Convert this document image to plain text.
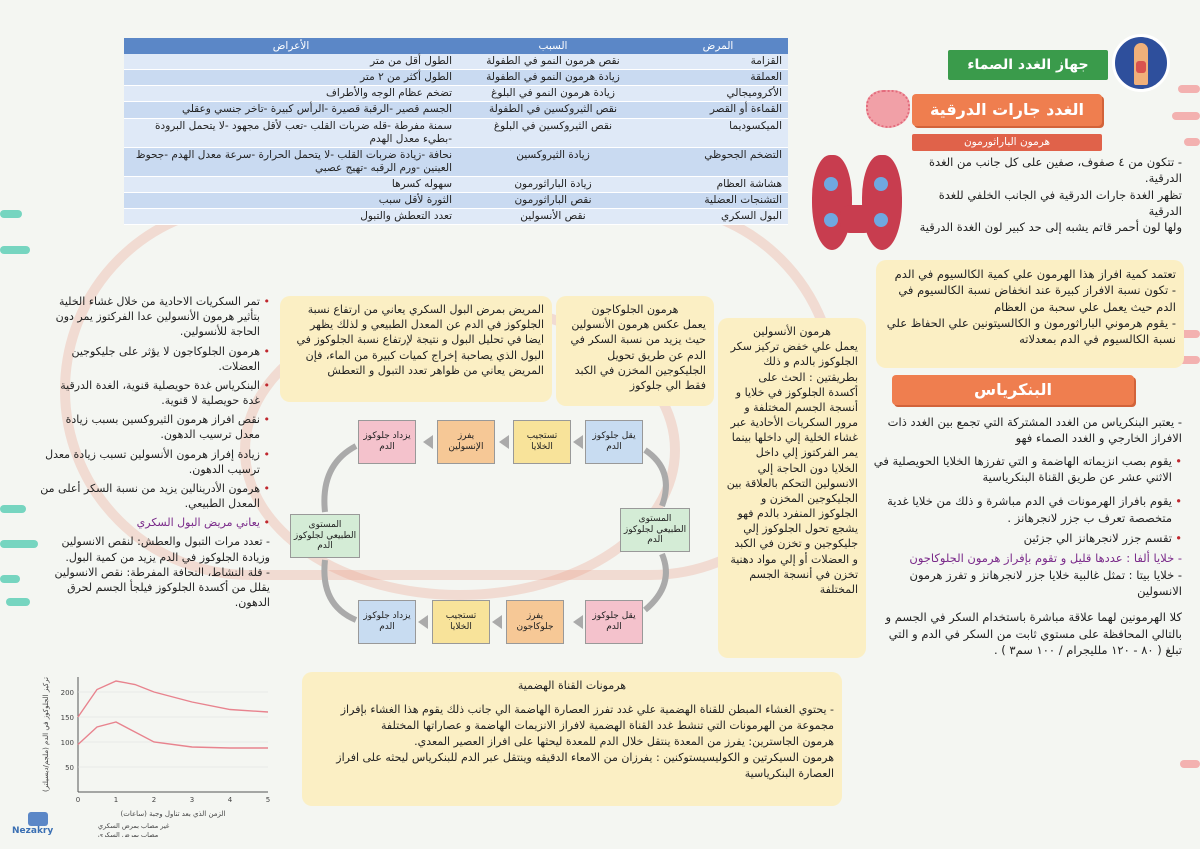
المرض	السبب	الأعراض
القزامة	نقص هرمون النمو في الطفولة	الطول أقل من متر
العملقة	زيادة هرمون النمو في الطفولة	الطول أكثر من ٢ متر
الأكروميجالي	زيادة هرمون النمو في البلوغ	تضخم عظام الوجه والأطراف
القماءة أو القصر	نقص الثيروكسين في الطفولة	الجسم قصير -الرقبة قصيرة -الرأس كبيرة -تاخر جنسي وعقلي
الميكسوديما	نقص الثيروكسين في البلوغ	سمنة مفرطة -قله ضربات القلب -تعب لأقل مجهود -لا يتحمل البرودة -بطيء معدل الهدم
التضخم الجحوظي	زيادة الثيروكسين	نحافة -زيادة ضربات القلب -لا يتحمل الحرارة -سرعة معدل الهدم -جحوظ العينين -ورم الرقبه -تهيج عصبي
هشاشة العظام	زيادة الباراثورمون	سهوله كسرها
التشنجات العضلية	نقص الباراثورمون	الثورة لأقل سبب
البول السكري	نقص الأنسولين	تعدد التعطش والتبول
جهاز الغدد الصماء
الغدد جارات الدرقية
هرمون الباراثورمون

- تتكون من ٤ صفوف، صفين على كل جانب من الغدة الدرقية.

تظهر الغدة جارات الدرقية في الجانب الخلفي للغدة الدرقية

ولها لون أحمر قاتم يشبه إلى حد كبير لون الغدة الدرقية

تعتمد كمية افراز هذا الهرمون علي كمية الكالسيوم في الدم

- تكون نسبة الافراز كبيرة عند انخفاض نسبة الكالسيوم في الدم حيث يعمل علي سحبة من العظام

- يقوم هرموني الباراثورمون و الكالسيتونين علي الحفاظ علي نسبة الكالسيوم في الدم بمعدلاته

البنكرياس

- يعتبر البنكرياس من الغدد المشتركة التي تجمع بين الغدد ذات الافراز الخارجي و الغدد الصماء فهو

• يقوم بصب انزيماته الهاضمة و التي تفرزها الخلايا الحويصلية في الاثني عشر عن طريق القناة البنكرياسية

• يقوم بافراز الهرمونات في الدم مباشرة و ذلك من خلايا غدية متخصصة تعرف ب جزر لانجرهانز .

• تقسم جزر لانجرهانز الي جزئين

- خلايا ألفا : عددها قليل و تقوم بإفراز هرمون الجلوكاجون

- خلايا بيتا : تمثل غالبية خلايا جزر لانجرهانز و تفرز هرمون الانسولين

كلا الهرمونين لهما علاقة مباشرة باستخدام السكر في الجسم و بالتالي المحافظة على مستوي ثابت من السكر في الدم و التي تبلغ ( ٨٠ - ١٢٠ ملليجرام / ١٠٠ سم٣ ) .

هرمون الأنسولين

يعمل علي خفض تركيز سكر الجلوكوز بالدم و ذلك بطريقتين : الحث على أكسدة الجلوكوز في خلايا و أنسجة الجسم المختلفة و مرور السكريات الأحادية عبر غشاء الخلية إلي داخلها بينما يمر الفركتوز إلي داخل الخلايا دون الحاجة إلي الانسولين التحكم بالعلاقة بين الجليكوجين المخزن و الجلوكوز المنفرد بالدم فهو يشجع تحول الجلوكوز إلي جليكوجين و تخزن في الكبد و العضلات أو إلي مواد دهنية تخزن في أنسجة الجسم المختلفة

هرمون الجلوكاجون

يعمل عكس هرمون الأنسولين حيث يزيد من نسبة السكر في الدم عن طريق تحويل الجليكوجين المخزن في الكبد فقط الي جلوكوز

المريض بمرض البول السكري يعاني من ارتفاع نسبة الجلوكوز في الدم عن المعدل الطبيعي و لذلك يظهر ايضا في تحليل البول و نتيجة لإرتفاع نسبة الجلوكوز في البول الذي يصاحبة إخراج كميات كبيرة من الماء، فإن المريض يعاني من ظواهر تعدد التبول و التعطش

• تمر السكريات الاحادية من خلال غشاء الخلية بتأثير هرمون الأنسولين عدا الفركتوز يمر دون الحاجة للأنسولين.

• هرمون الجلوكاجون لا يؤثر على جليكوجين العضلات.

• البنكرياس غدة حويصلية قنوية، الغدة الدرقية غدة حويصلية لا قنوية.

• نقص افراز هرمون الثيروكسين بسبب زيادة معدل ترسيب الدهون.

• زيادة إفراز هرمون الأنسولين تسبب زيادة معدل ترسيب الدهون.

• هرمون الأدرينالين يزيد من نسبة السكر أعلى من المعدل الطبيعي.

• يعاني مريض البول السكري

- تعدد مرات التبول والعطش: لنقص الانسولين وزيادة الجلوكوز في الدم يزيد من كمية البول.

- قلة النشاط، النحافة المفرطة: نقص الانسولين يقلل من أكسدة الجلوكوز فيلجأ الجسم لحرق الدهون.

يقل جلوكوز الدم
تستجيب الخلايا
يفرز الإنسولين
يزداد جلوكوز الدم
المستوى الطبيعي لجلوكوز الدم
المستوى الطبيعي لجلوكوز الدم
يقل جلوكوز الدم
يفرز جلوكاجون
تستجيب الخلايا
يزداد جلوكوز الدم

هرمونات القناة الهضمية

- يحتوي الغشاء المبطن للقناة الهضمية علي غدد تفرز العصارة الهاضمة الي جانب ذلك يقوم هذا الغشاء بإفراز مجموعة من الهرمونات التي تنشط غدد القناة الهضمية لافراز الانزيمات الهاضمة و عصاراتها المختلفة

هرمون الجاسترين: يفرز من المعدة ينتقل خلال الدم للمعدة ليحثها على افراز العصير المعدي.

هرمون السيكرتين و الكوليسيستوكنين : يفرزان من الامعاء الدقيقه وينتقل عبر الدم للبنكرياس ليحثه على افراز العصارة البنكرياسية

50
100
150
200
0	1	2	3	4	5
الزمن الذي بعد تناول وجبة (ساعات)
تركيز الجلوكوز في الدم (ملجم/ديسيلتر)
غير مصاب بمرض السكري
مصاب بمرض السكري
Nezakry
